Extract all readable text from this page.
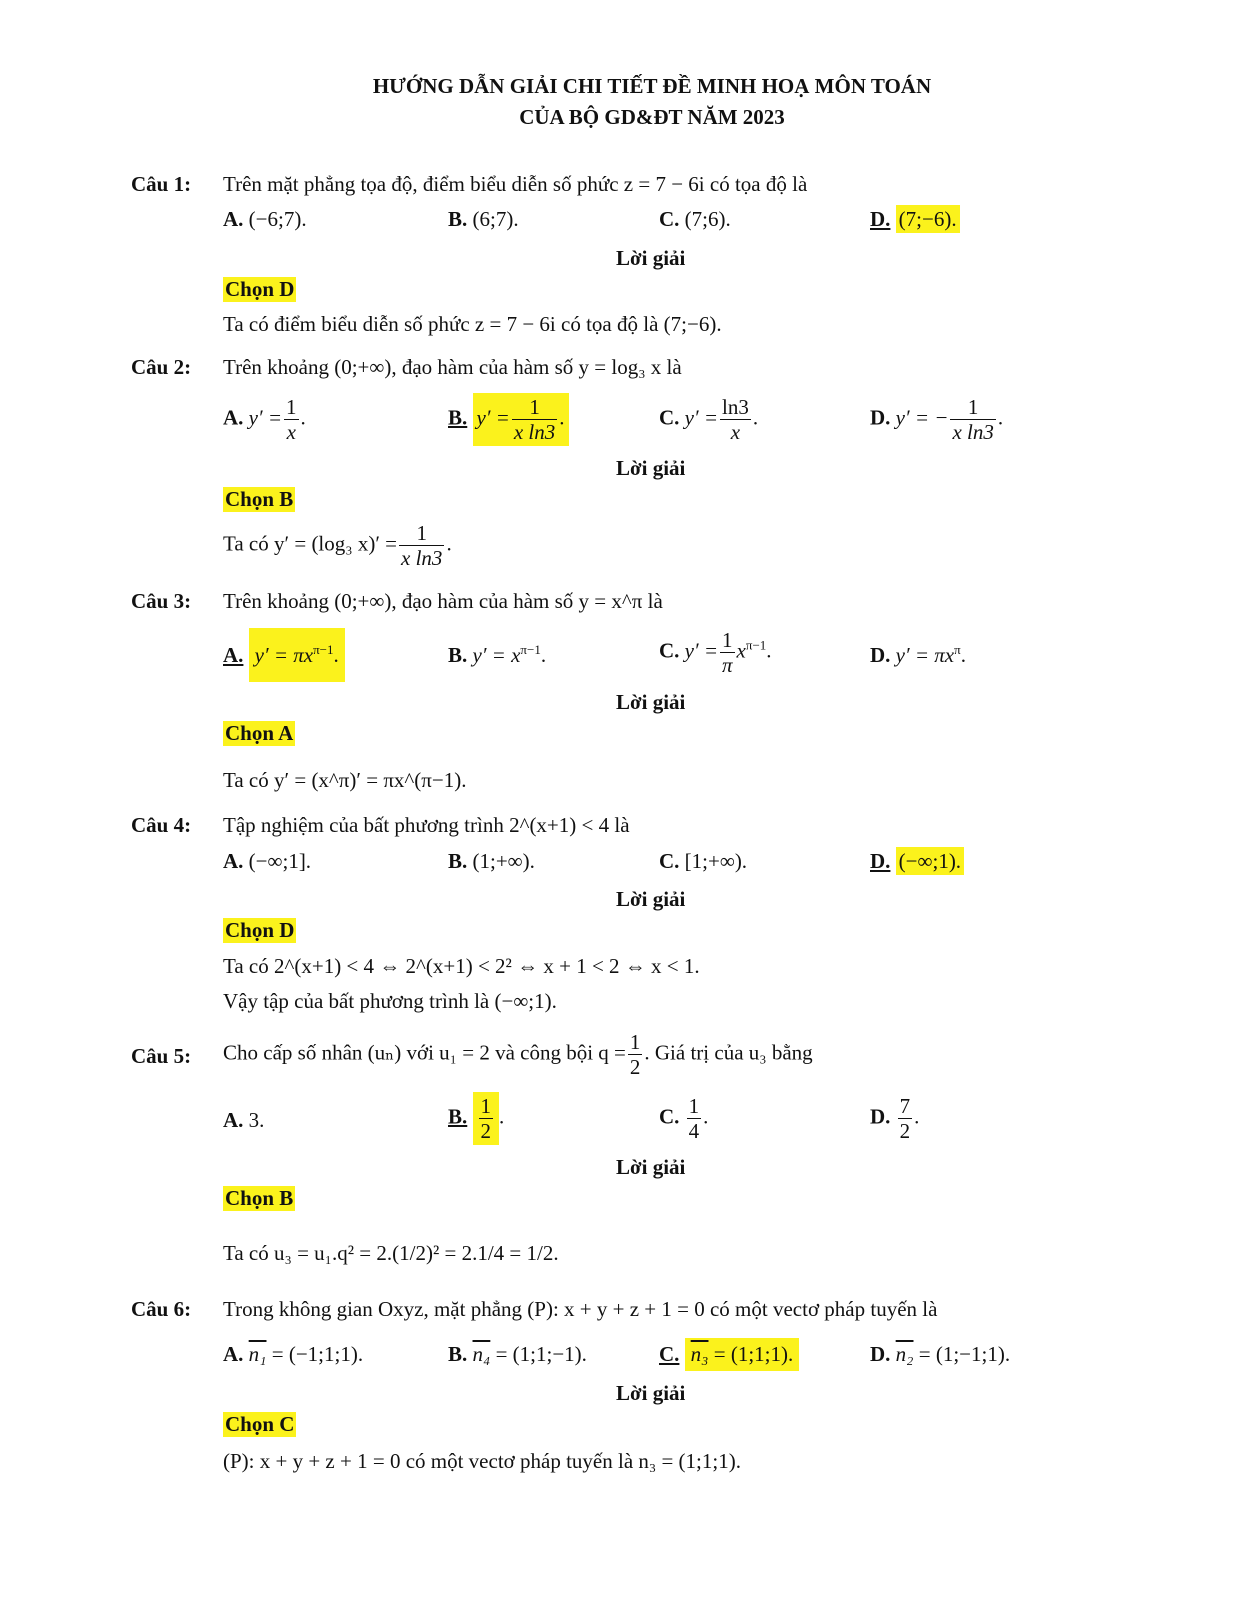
HƯỚNG DẪN GIẢI CHI TIẾT ĐỀ MINH HOẠ MÔN TOÁN
CỦA BỘ GD&ĐT NĂM 2023
Câu 1: Trên mặt phẳng tọa độ, điểm biểu diễn số phức z = 7 − 6i có tọa độ là
A. (−6;7).	B. (6;7).	C. (7;6).	D. (7;−6).
Lời giải
Chọn D
Ta có điểm biểu diễn số phức z = 7 − 6i có tọa độ là (7;−6).
Câu 2: Trên khoảng (0;+∞), đạo hàm của hàm số y = log₃ x là
A. $y' = \frac{1}{x}$ .	B. $y' = \frac{1}{\text{x ln3}}$ .	C. $y' = \frac{\ln 3}{x}$ .	D. y′ = − $\frac{1}{\text{x ln3}}$ .
Lời giải
Chọn B
Ta có y′ = (log₃ $x)' = \frac{1}{\text{x ln3}}$ .
Câu 3: Trên khoảng (0;+∞), đạo hàm của hàm số y = x^π là
A. $y' = \pi x^{\pi-1}$.	B. $y' = x^{\pi-1}$.	C. $y' = \frac{1}{\pi} x^{\pi-1}$.	D. $y' = \pi x^\pi$.
Lời giải
Chọn A
Ta có y′ = (x^π)′ = πx^(π−1).
Câu 4: Tập nghiệm của bất phương trình 2^(x+1) < 4 là
A. (−∞;1].	B. (1;+∞).	C. [1;+∞).	D. (−∞;1).
Lời giải
Chọn D
Ta có 2^(x+1) < 4 ⇔ 2^(x+1) < 2² ⇔ x + 1 < 2 ⇔ x < 1.
Vậy tập của bất phương trình là (−∞;1).
Câu 5: Cho cấp số nhân (uₙ) với u₁ = 2 và công bội $q = \frac{1}{2}$ . Giá trị của u₃ bằng
A. 3.	B. $\frac{1}{2}$ .	C. $\frac{1}{4}$ .	D. $\frac{7}{2}$ .
Lời giải
Chọn B
Ta có u₃ = u₁.q² = 2.(1/2)² = 2.1/4 = 1/2.
Câu 6: Trong không gian Oxyz, mặt phẳng (P): x + y + z + 1 = 0 có một vectơ pháp tuyến là
A. n₁ = (−1;1;1).	B. n₄ = (1;1;−1).	C. n₃ = (1;1;1).	D. n₂ = (1;−1;1).
Lời giải
Chọn C
(P): x + y + z + 1 = 0 có một vectơ pháp tuyến là n₃ = (1;1;1).
